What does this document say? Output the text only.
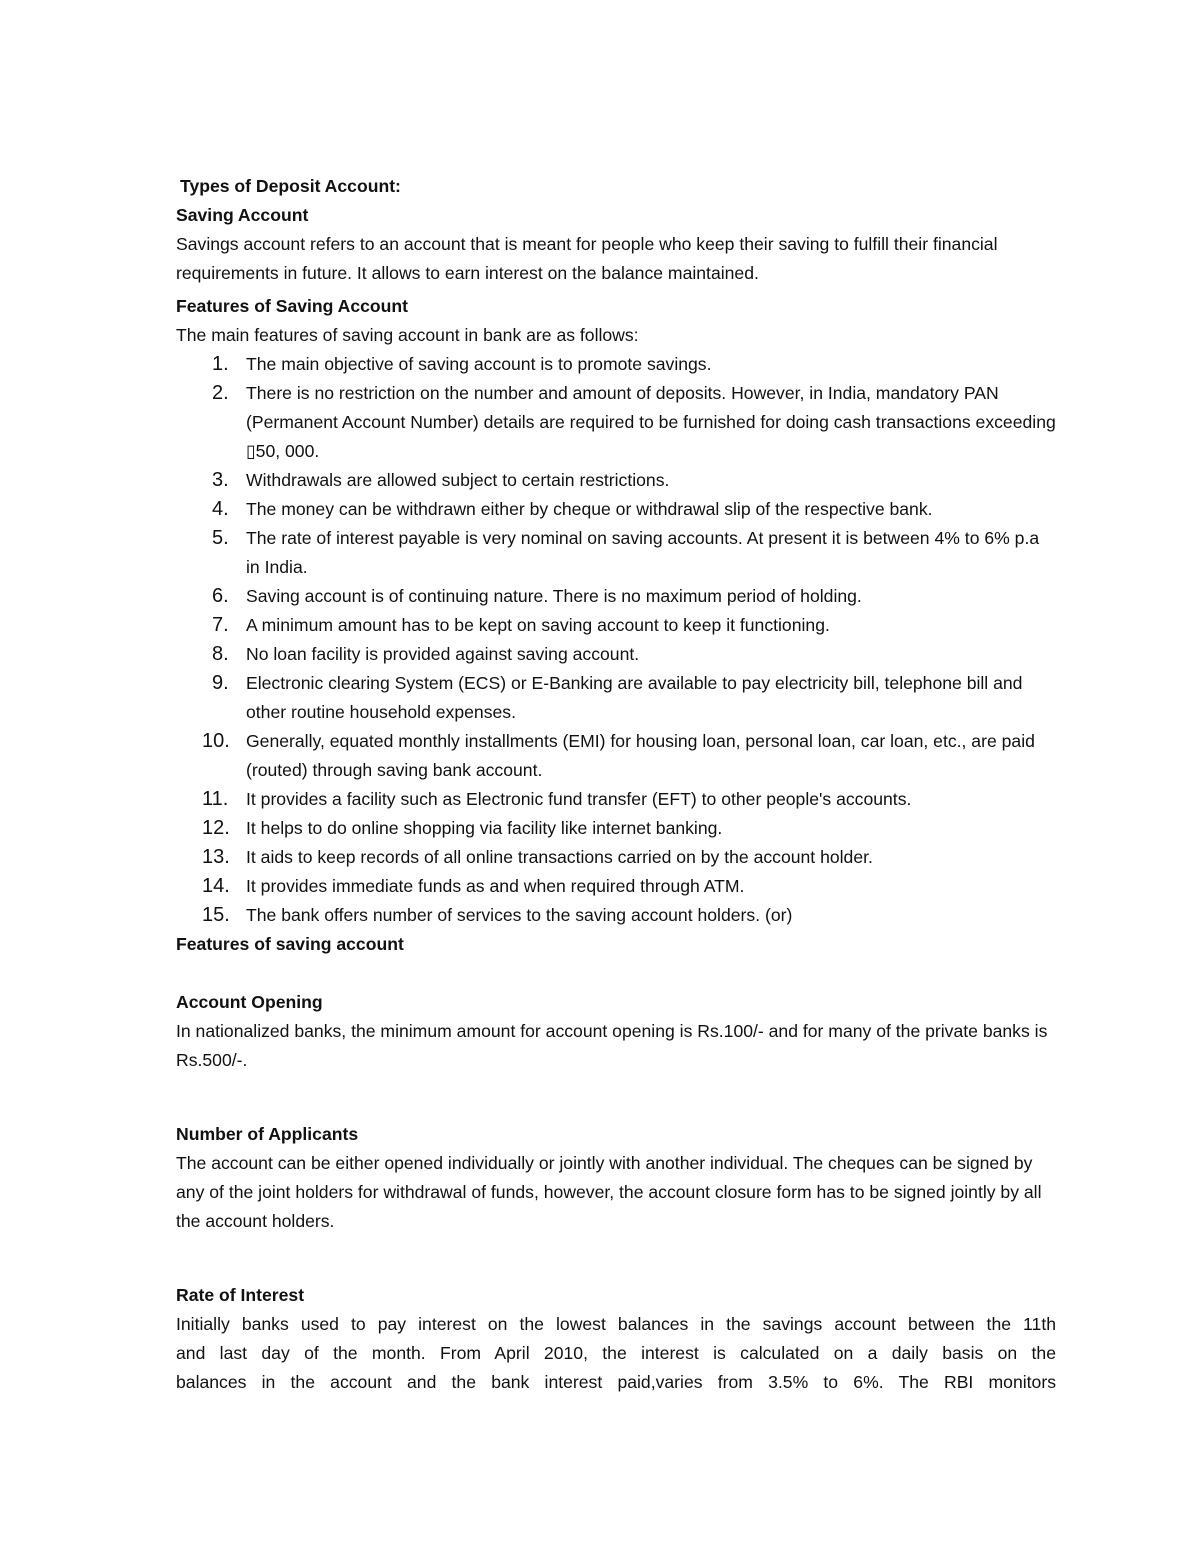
Types of Deposit Account:

Saving Account

Savings account refers to an account that is meant for people who keep their saving to fulfill their financial requirements in future. It allows to earn interest on the balance maintained.

Features of Saving Account

The main features of saving account in bank are as follows:

1. The main objective of saving account is to promote savings.
2. There is no restriction on the number and amount of deposits. However, in India, mandatory PAN (Permanent Account Number) details are required to be furnished for doing cash transactions exceeding ▯50, 000.
3. Withdrawals are allowed subject to certain restrictions.
4. The money can be withdrawn either by cheque or withdrawal slip of the respective bank.
5. The rate of interest payable is very nominal on saving accounts. At present it is between 4% to 6% p.a in India.
6. Saving account is of continuing nature. There is no maximum period of holding.
7. A minimum amount has to be kept on saving account to keep it functioning.
8. No loan facility is provided against saving account.
9. Electronic clearing System (ECS) or E-Banking are available to pay electricity bill, telephone bill and other routine household expenses.
10. Generally, equated monthly installments (EMI) for housing loan, personal loan, car loan, etc., are paid (routed) through saving bank account.
11. It provides a facility such as Electronic fund transfer (EFT) to other people's accounts.
12. It helps to do online shopping via facility like internet banking.
13. It aids to keep records of all online transactions carried on by the account holder.
14. It provides immediate funds as and when required through ATM.
15. The bank offers number of services to the saving account holders. (or)

Features of saving account

Account Opening

In nationalized banks, the minimum amount for account opening is Rs.100/- and for many of the private banks is Rs.500/-.

Number of Applicants

The account can be either opened individually or jointly with another individual. The cheques can be signed by any of the joint holders for withdrawal of funds, however, the account closure form has to be signed jointly by all the account holders.

Rate of Interest

Initially banks used to pay interest on the lowest balances in the savings account between the 11th

and last day of the month. From April 2010, the interest is calculated on a daily basis on the

balances in the account and the bank interest paid,varies from 3.5% to 6%. The RBI monitors
